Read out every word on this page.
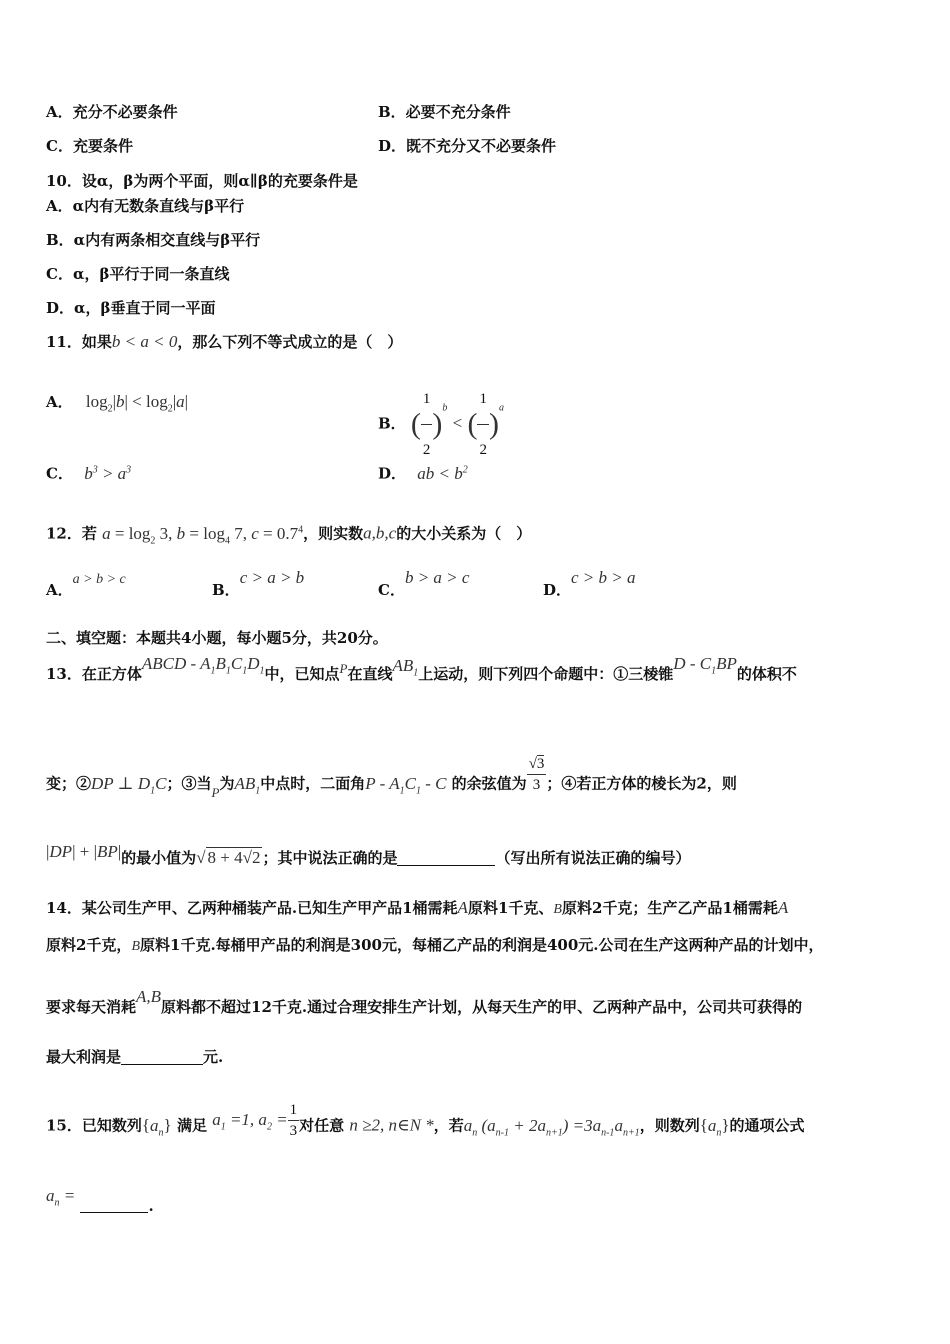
A．充分不必要条件	B．必要不充分条件
C．充要条件	D．既不充分又不必要条件
10．设α，β为两个平面，则α∥β的充要条件是
A．α内有无数条直线与β平行
B．α内有两条相交直线与β平行
C．α，β平行于同一条直线
D．α，β垂直于同一平面
11．如果b < a < 0，那么下列不等式成立的是（　）
A． $\log_2|b| < \log_2|a|$
B． ( $\frac{1}{2} )^b$ < ( $\frac{1}{2} )^a$
C． $b^3 > a^3$	D． ab < $b^2$
12．若 $a = \log_2 3$, $b = \log_4 7$, $c = 0.7^4$，则实数a,b,c的大小关系为（　）
A．a > b > c
B．c > a > b
C．b > a > c
D．c > b > a
二、填空题：本题共4小题，每小题5分，共20分。
13．在正方体ABCD - $A_1B_1C_1D_1$中，已知点P在直线$AB_1$上运动，则下列四个命题中：①三棱锥D - $C_1BP$的体积不
变；②DP ⊥ $D_1C$；③当P为$AB_1$中点时，二面角P - $A_1C_1$ - C 的余弦值为 $\frac{√3}{3}$ ；④若正方体的棱长为2，则
|DP| + |BP|的最小值为√ 8 + 4√2 ；其中说法正确的是	（写出所有说法正确的编号）
14．某公司生产甲、乙两种桶装产品.已知生产甲产品1桶需耗A原料1千克、B原料2千克；生产乙产品1桶需耗A
原料2千克，B原料1千克.每桶甲产品的利润是300元，每桶乙产品的利润是400元.公司在生产这两种产品的计划中，
要求每天消耗A,B原料都不超过12千克.通过合理安排生产计划，从每天生产的甲、乙两种产品中，公司共可获得的
最大利润是	元.
15．已知数列$\{a_n\}$ 满足 $a_1 =1$, $a_2 = \frac{1}{3}$ 对任意 n ≥2, n∈N *，若$a_n$ $(a_{n-1} + 2a_{n+1}) =3a_{n-1}a_{n+1}$，则数列$\{a_n\}$的通项公式
$a_n$ = .
